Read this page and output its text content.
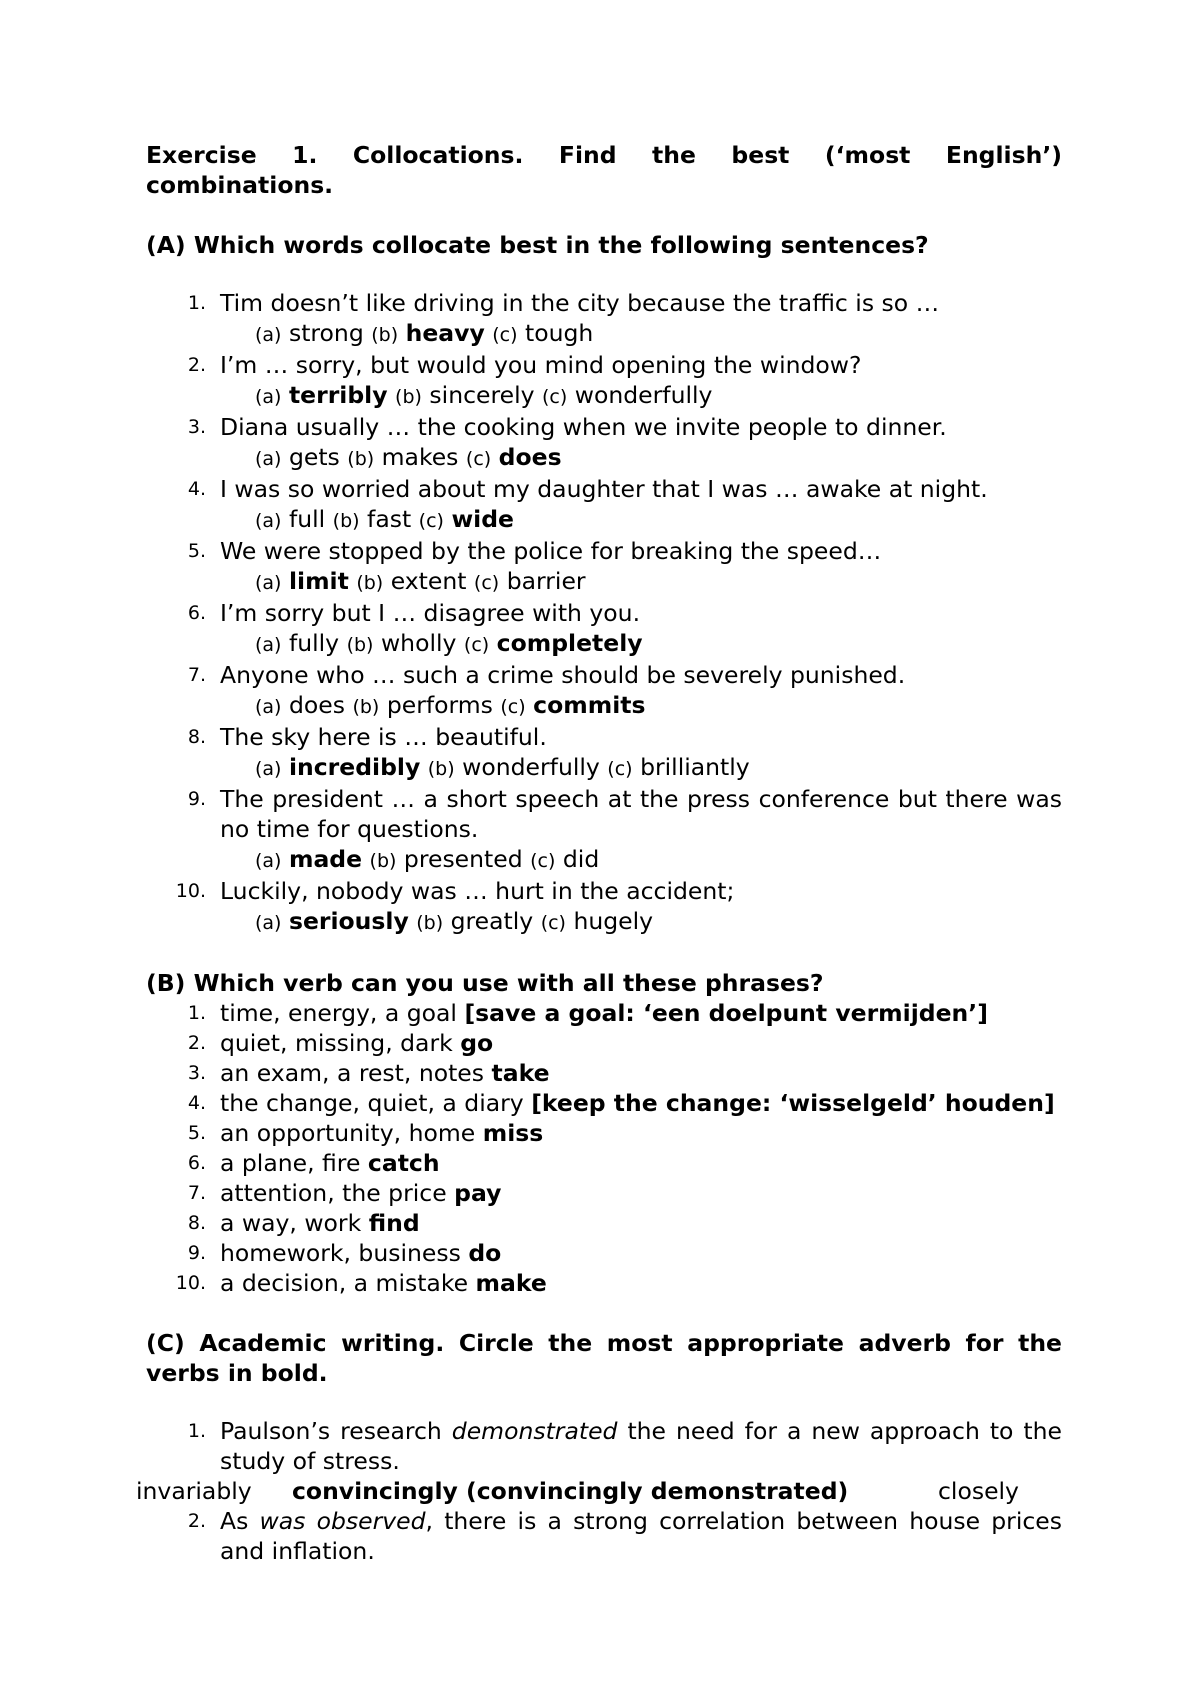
Exercise 1. Collocations. Find the best (‘most English’) combinations.

(A) Which words collocate best in the following sentences?

1. Tim doesn’t like driving in the city because the traffic is so …
(a) strong (b) heavy (c) tough
2. I’m … sorry, but would you mind opening the window?
(a) terribly (b) sincerely (c) wonderfully
3. Diana usually … the cooking when we invite people to dinner.
(a) gets (b) makes (c) does
4. I was so worried about my daughter that I was … awake at night.
(a) full (b) fast (c) wide
5. We were stopped by the police for breaking the speed…
(a) limit (b) extent (c) barrier
6. I’m sorry but I … disagree with you.
(a) fully (b) wholly (c) completely
7. Anyone who … such a crime should be severely punished.
(a) does (b) performs (c) commits
8. The sky here is … beautiful.
(a) incredibly (b) wonderfully (c) brilliantly
9. The president … a short speech at the press conference but there was no time for questions.
(a) made (b) presented (c) did
10. Luckily, nobody was … hurt in the accident;
(a) seriously (b) greatly (c) hugely

(B) Which verb can you use with all these phrases?

1. time, energy, a goal [save a goal: ‘een doelpunt vermijden’]
2. quiet, missing, dark go
3. an exam, a rest, notes take
4. the change, quiet, a diary [keep the change: ‘wisselgeld’ houden]
5. an opportunity, home miss
6. a plane, fire catch
7. attention, the price pay
8. a way, work find
9. homework, business do
10. a decision, a mistake make

(C) Academic writing. Circle the most appropriate adverb for the verbs in bold.

1. Paulson’s research demonstrated the need for a new approach to the study of stress.
invariably convincingly (convincingly demonstrated)	closely
2. As was observed, there is a strong correlation between house prices and inflation.
